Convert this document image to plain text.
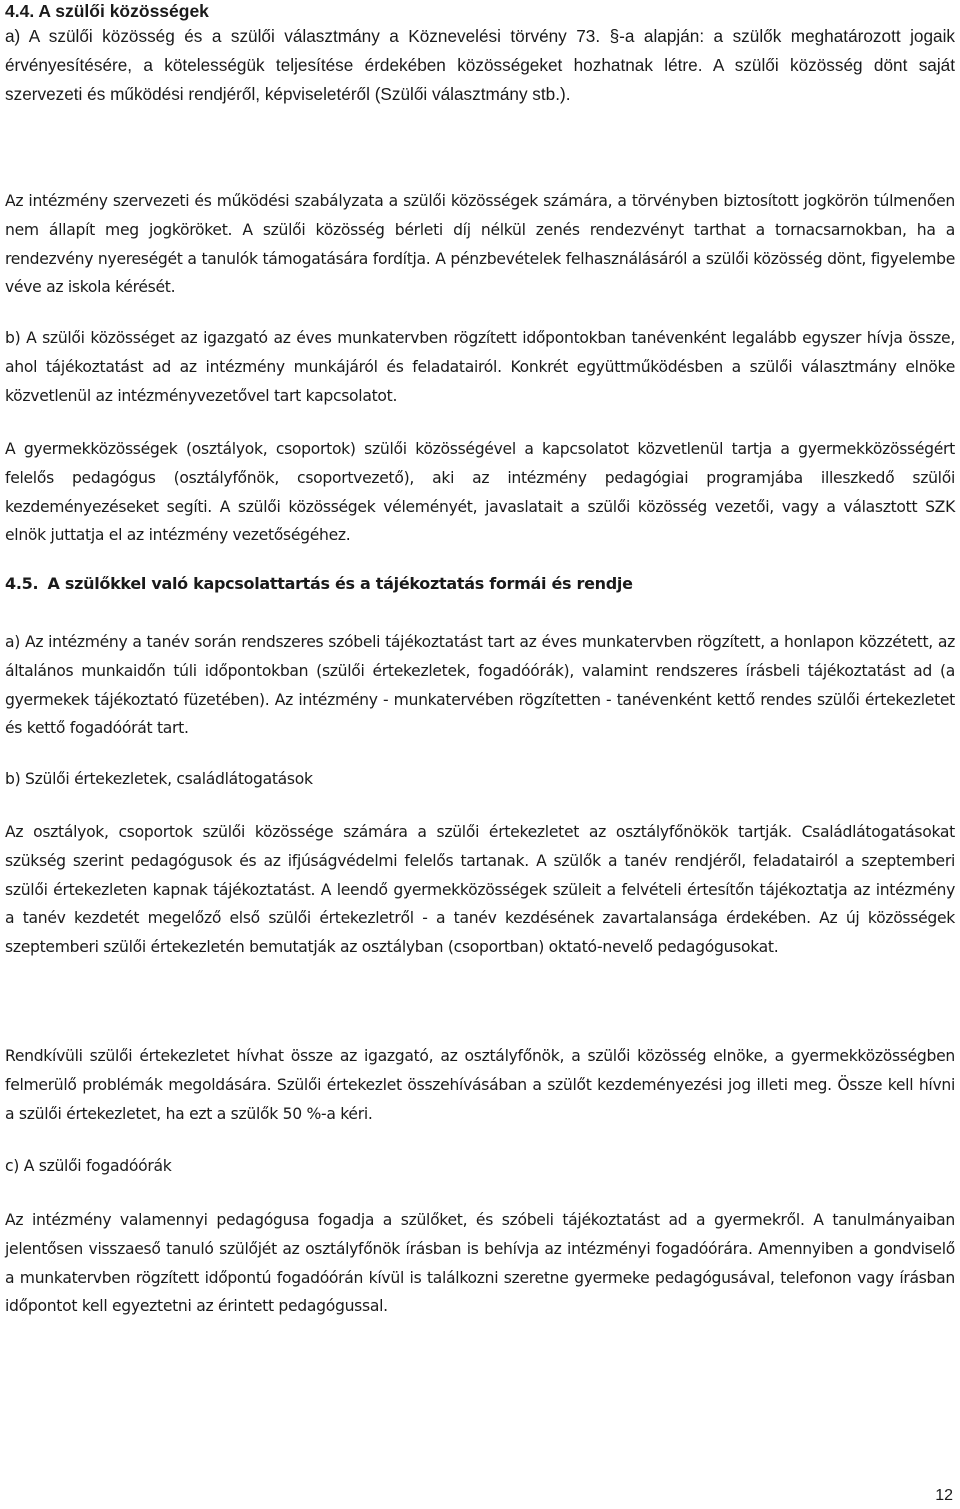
4.4. A szülői közösségek

a) A szülői közösség és a szülői választmány a Köznevelési törvény 73. §-a alapján: a szülők meghatározott jogaik érvényesítésére, a kötelességük teljesítése érdekében közösségeket hozhatnak létre. A szülői közösség dönt saját szervezeti és működési rendjéről, képviseletéről (Szülői választmány stb.).

Az intézmény szervezeti és működési szabályzata a szülői közösségek számára, a törvényben biztosított jogkörön túlmenően nem állapít meg jogköröket. A szülői közösség bérleti díj nélkül zenés rendezvényt tarthat a tornacsarnokban, ha a rendezvény nyereségét a tanulók támogatására fordítja. A pénzbevételek felhasználásáról a szülői közösség dönt, figyelembe véve az iskola kérését.

b) A szülői közösséget az igazgató az éves munkatervben rögzített időpontokban tanévenként legalább egyszer hívja össze, ahol tájékoztatást ad az intézmény munkájáról és feladatairól. Konkrét együttműködésben a szülői választmány elnöke közvetlenül az intézményvezetővel tart kapcsolatot.

A gyermekközösségek (osztályok, csoportok) szülői közösségével a kapcsolatot közvetlenül tartja a gyermekközösségért felelős pedagógus (osztályfőnök, csoportvezető), aki az intézmény pedagógiai programjába illeszkedő szülői kezdeményezéseket segíti. A szülői közösségek véleményét, javaslatait a szülői közösség vezetői, vagy a választott SZK elnök juttatja el az intézmény vezetőségéhez.

4.5. A szülőkkel való kapcsolattartás és a tájékoztatás formái és rendje

a) Az intézmény a tanév során rendszeres szóbeli tájékoztatást tart az éves munkatervben rögzített, a honlapon közzétett, az általános munkaidőn túli időpontokban (szülői értekezletek, fogadóórák), valamint rendszeres írásbeli tájékoztatást ad (a gyermekek tájékoztató füzetében). Az intézmény - munkatervében rögzítetten - tanévenként kettő rendes szülői értekezletet és kettő fogadóórát tart.

b) Szülői értekezletek, családlátogatások

Az osztályok, csoportok szülői közössége számára a szülői értekezletet az osztályfőnökök tartják. Családlátogatásokat szükség szerint pedagógusok és az ifjúságvédelmi felelős tartanak. A szülők a tanév rendjéről, feladatairól a szeptemberi szülői értekezleten kapnak tájékoztatást. A leendő gyermekközösségek szüleit a felvételi értesítőn tájékoztatja az intézmény a tanév kezdetét megelőző első szülői értekezletről - a tanév kezdésének zavartalansága érdekében. Az új közösségek szeptemberi szülői értekezletén bemutatják az osztályban (csoportban) oktató-nevelő pedagógusokat.

Rendkívüli szülői értekezletet hívhat össze az igazgató, az osztályfőnök, a szülői közösség elnöke, a gyermekközösségben felmerülő problémák megoldására. Szülői értekezlet összehívásában a szülőt kezdeményezési jog illeti meg. Össze kell hívni a szülői értekezletet, ha ezt a szülők 50 %-a kéri.

c) A szülői fogadóórák

Az intézmény valamennyi pedagógusa fogadja a szülőket, és szóbeli tájékoztatást ad a gyermekről. A tanulmányaiban jelentősen visszaeső tanuló szülőjét az osztályfőnök írásban is behívja az intézményi fogadóórára. Amennyiben a gondviselő a munkatervben rögzített időpontú fogadóórán kívül is találkozni szeretne gyermeke pedagógusával, telefonon vagy írásban időpontot kell egyeztetni az érintett pedagógussal.

12
